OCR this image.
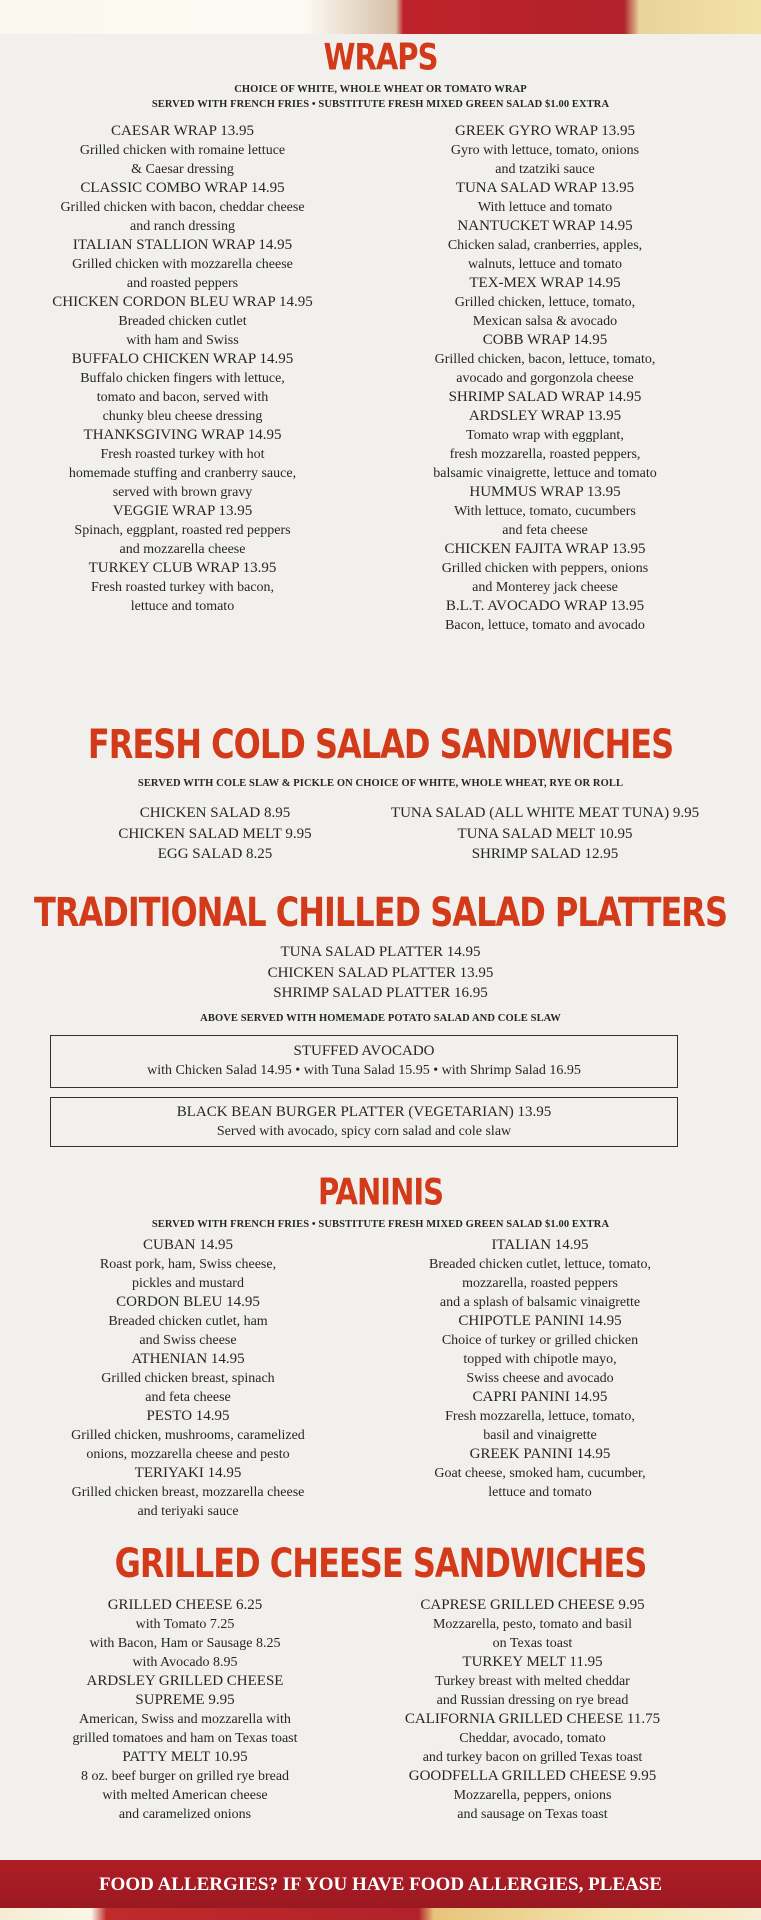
WRAPS
CHOICE OF WHITE, WHOLE WHEAT OR TOMATO WRAP
SERVED WITH FRENCH FRIES • SUBSTITUTE FRESH MIXED GREEN SALAD $1.00 EXTRA
CAESAR WRAP 13.95
Grilled chicken with romaine lettuce
& Caesar dressing
CLASSIC COMBO WRAP 14.95
Grilled chicken with bacon, cheddar cheese
and ranch dressing
ITALIAN STALLION WRAP 14.95
Grilled chicken with mozzarella cheese
and roasted peppers
CHICKEN CORDON BLEU WRAP 14.95
Breaded chicken cutlet
with ham and Swiss
BUFFALO CHICKEN WRAP 14.95
Buffalo chicken fingers with lettuce,
tomato and bacon, served with
chunky bleu cheese dressing
THANKSGIVING WRAP 14.95
Fresh roasted turkey with hot
homemade stuffing and cranberry sauce,
served with brown gravy
VEGGIE WRAP 13.95
Spinach, eggplant, roasted red peppers
and mozzarella cheese
TURKEY CLUB WRAP 13.95
Fresh roasted turkey with bacon,
lettuce and tomato
GREEK GYRO WRAP 13.95
Gyro with lettuce, tomato, onions
and tzatziki sauce
TUNA SALAD WRAP 13.95
With lettuce and tomato
NANTUCKET WRAP 14.95
Chicken salad, cranberries, apples,
walnuts, lettuce and tomato
TEX-MEX WRAP 14.95
Grilled chicken, lettuce, tomato,
Mexican salsa & avocado
COBB WRAP 14.95
Grilled chicken, bacon, lettuce, tomato,
avocado and gorgonzola cheese
SHRIMP SALAD WRAP 14.95
ARDSLEY WRAP 13.95
Tomato wrap with eggplant,
fresh mozzarella, roasted peppers,
balsamic vinaigrette, lettuce and tomato
HUMMUS WRAP 13.95
With lettuce, tomato, cucumbers
and feta cheese
CHICKEN FAJITA WRAP 13.95
Grilled chicken with peppers, onions
and Monterey jack cheese
B.L.T. AVOCADO WRAP 13.95
Bacon, lettuce, tomato and avocado
FRESH COLD SALAD SANDWICHES
SERVED WITH COLE SLAW & PICKLE ON CHOICE OF WHITE, WHOLE WHEAT, RYE OR ROLL
CHICKEN SALAD 8.95
CHICKEN SALAD MELT 9.95
EGG SALAD 8.25
TUNA SALAD (ALL WHITE MEAT TUNA) 9.95
TUNA SALAD MELT 10.95
SHRIMP SALAD 12.95
TRADITIONAL CHILLED SALAD PLATTERS
TUNA SALAD PLATTER 14.95
CHICKEN SALAD PLATTER 13.95
SHRIMP SALAD PLATTER 16.95
ABOVE SERVED WITH HOMEMADE POTATO SALAD AND COLE SLAW
STUFFED AVOCADO
with Chicken Salad 14.95 • with Tuna Salad 15.95 • with Shrimp Salad 16.95
BLACK BEAN BURGER PLATTER (VEGETARIAN) 13.95
Served with avocado, spicy corn salad and cole slaw
PANINIS
SERVED WITH FRENCH FRIES • SUBSTITUTE FRESH MIXED GREEN SALAD $1.00 EXTRA
CUBAN 14.95
Roast pork, ham, Swiss cheese,
pickles and mustard
CORDON BLEU 14.95
Breaded chicken cutlet, ham
and Swiss cheese
ATHENIAN 14.95
Grilled chicken breast, spinach
and feta cheese
PESTO 14.95
Grilled chicken, mushrooms, caramelized
onions, mozzarella cheese and pesto
TERIYAKI 14.95
Grilled chicken breast, mozzarella cheese
and teriyaki sauce
ITALIAN 14.95
Breaded chicken cutlet, lettuce, tomato,
mozzarella, roasted peppers
and a splash of balsamic vinaigrette
CHIPOTLE PANINI 14.95
Choice of turkey or grilled chicken
topped with chipotle mayo,
Swiss cheese and avocado
CAPRI PANINI 14.95
Fresh mozzarella, lettuce, tomato,
basil and vinaigrette
GREEK PANINI 14.95
Goat cheese, smoked ham, cucumber,
lettuce and tomato
GRILLED CHEESE SANDWICHES
GRILLED CHEESE 6.25
with Tomato 7.25
with Bacon, Ham or Sausage 8.25
with Avocado 8.95
ARDSLEY GRILLED CHEESE
SUPREME 9.95
American, Swiss and mozzarella with
grilled tomatoes and ham on Texas toast
PATTY MELT 10.95
8 oz. beef burger on grilled rye bread
with melted American cheese
and caramelized onions
CAPRESE GRILLED CHEESE 9.95
Mozzarella, pesto, tomato and basil
on Texas toast
TURKEY MELT 11.95
Turkey breast with melted cheddar
and Russian dressing on rye bread
CALIFORNIA GRILLED CHEESE 11.75
Cheddar, avocado, tomato
and turkey bacon on grilled Texas toast
GOODFELLA GRILLED CHEESE 9.95
Mozzarella, peppers, onions
and sausage on Texas toast
FOOD ALLERGIES? IF YOU HAVE FOOD ALLERGIES, PLEASE
